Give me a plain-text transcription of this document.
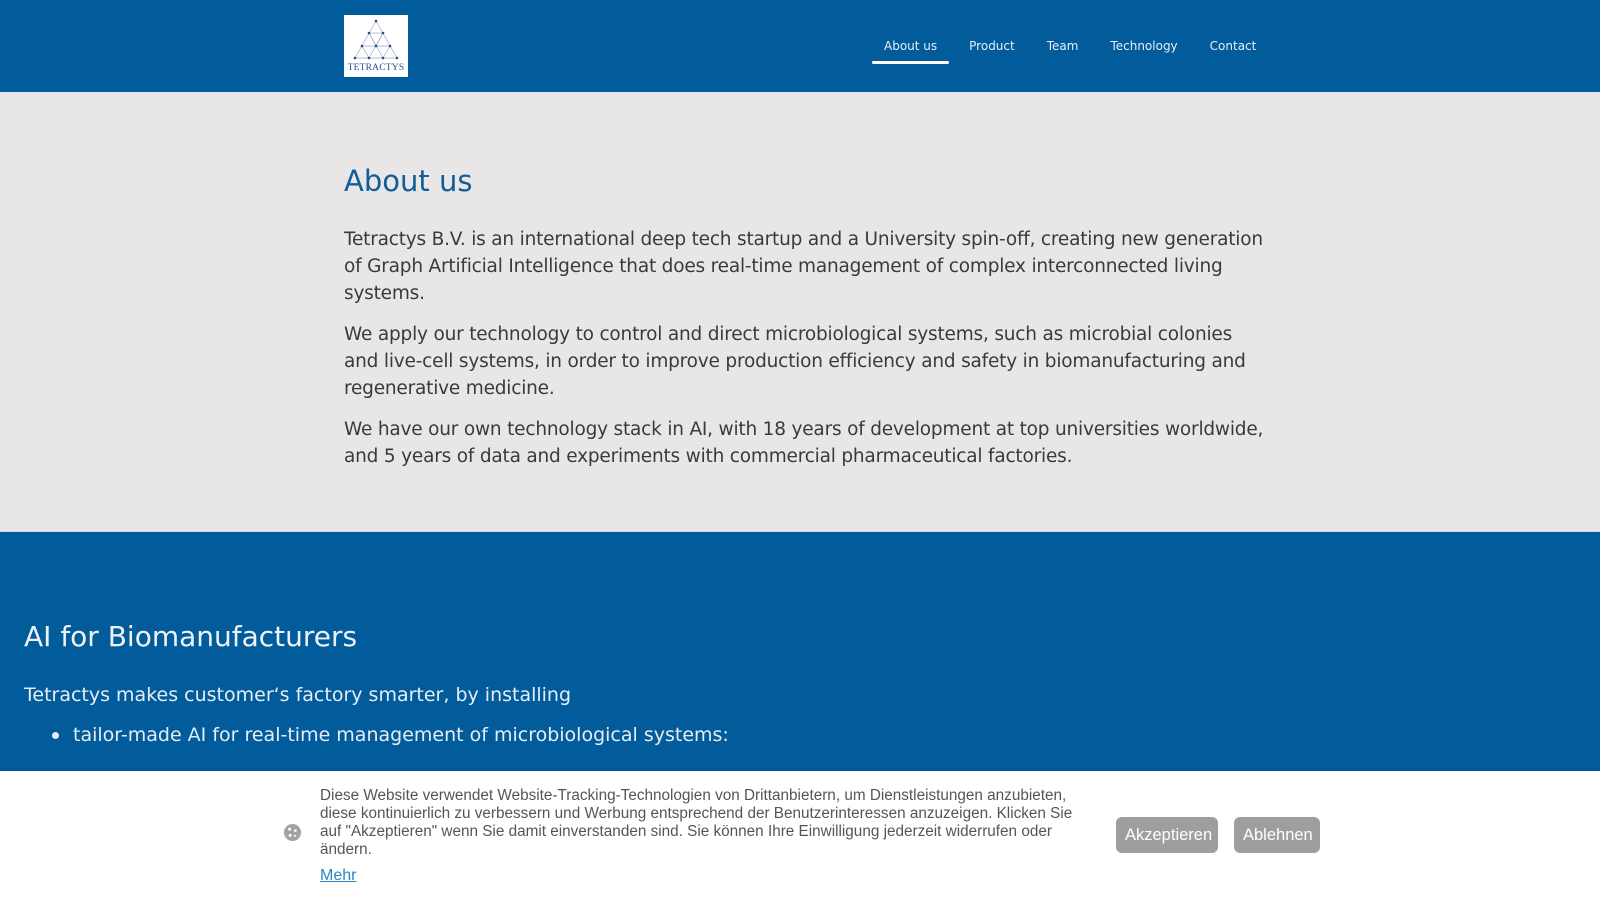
TETRACTYS
About us	Product	Team	Technology	Contact
About us

Tetractys B.V. is an international deep tech startup and a University spin-off, creating new generation of Graph Artificial Intelligence that does real-time management of complex interconnected living systems.

We apply our technology to control and direct microbiological systems, such as microbial colonies and live-cell systems, in order to improve production efficiency and safety in biomanufacturing and regenerative medicine.

We have our own technology stack in AI, with 18 years of development at top universities worldwide, and 5 years of data and experiments with commercial pharmaceutical factories.

AI for Biomanufacturers
Tetractys makes customer‘s factory smarter, by installing
tailor-made AI for real-time management of microbiological systems:
Diese Website verwendet Website-Tracking-Technologien von Drittanbietern, um Dienstleistungen anzubieten, diese kontinuierlich zu verbessern und Werbung entsprechend der Benutzerinteressen anzuzeigen. Klicken Sie auf "Akzeptieren" wenn Sie damit einverstanden sind. Sie können Ihre Einwilligung jederzeit widerrufen oder ändern.
Mehr
Akzeptieren	Ablehnen
